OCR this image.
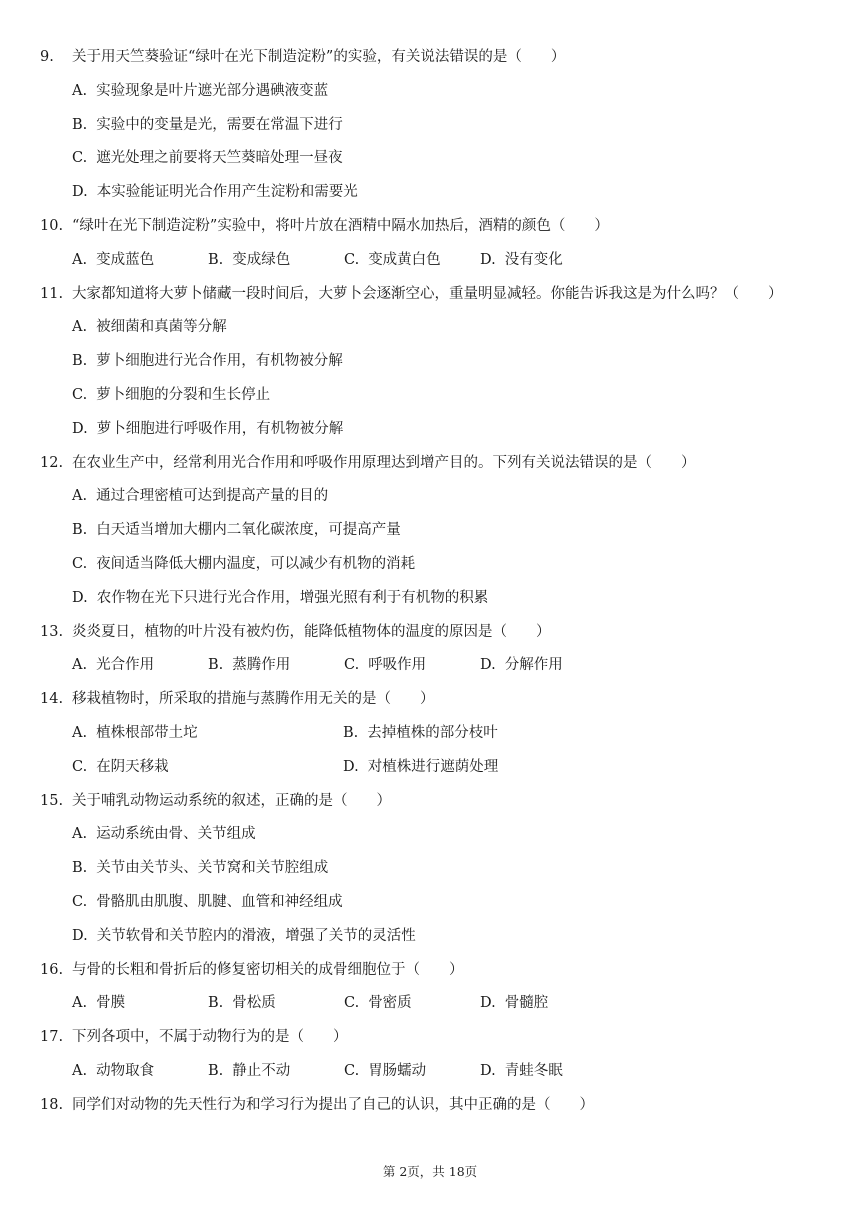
9.	关于用天竺葵验证“绿叶在光下制造淀粉”的实验，有关说法错误的是（　　）
A. 实验现象是叶片遮光部分遇碘液变蓝
B. 实验中的变量是光，需要在常温下进行
C. 遮光处理之前要将天竺葵暗处理一昼夜
D. 本实验能证明光合作用产生淀粉和需要光
10. “绿叶在光下制造淀粉”实验中，将叶片放在酒精中隔水加热后，酒精的颜色（　　）
A. 变成蓝色	B. 变成绿色	C. 变成黄白色	D. 没有变化
11. 大家都知道将大萝卜储藏一段时间后，大萝卜会逐渐空心，重量明显减轻。你能告诉我这是为什么吗？（　　）
A. 被细菌和真菌等分解
B. 萝卜细胞进行光合作用，有机物被分解
C. 萝卜细胞的分裂和生长停止
D. 萝卜细胞进行呼吸作用，有机物被分解
12. 在农业生产中，经常利用光合作用和呼吸作用原理达到增产目的。下列有关说法错误的是（　　）
A. 通过合理密植可达到提高产量的目的
B. 白天适当增加大棚内二氧化碳浓度，可提高产量
C. 夜间适当降低大棚内温度，可以减少有机物的消耗
D. 农作物在光下只进行光合作用，增强光照有利于有机物的积累
13. 炎炎夏日，植物的叶片没有被灼伤，能降低植物体的温度的原因是（　　）
A. 光合作用	B. 蒸腾作用	C. 呼吸作用	D. 分解作用
14. 移栽植物时，所采取的措施与蒸腾作用无关的是（　　）
A. 植株根部带土坨	B. 去掉植株的部分枝叶
C. 在阴天移栽	D. 对植株进行遮荫处理
15. 关于哺乳动物运动系统的叙述，正确的是（　　）
A. 运动系统由骨、关节组成
B. 关节由关节头、关节窝和关节腔组成
C. 骨骼肌由肌腹、肌腱、血管和神经组成
D. 关节软骨和关节腔内的滑液，增强了关节的灵活性
16. 与骨的长粗和骨折后的修复密切相关的成骨细胞位于（　　）
A. 骨膜	B. 骨松质	C. 骨密质	D. 骨髓腔
17. 下列各项中，不属于动物行为的是（　　）
A. 动物取食	B. 静止不动	C. 胃肠蠕动	D. 青蛙冬眠
18. 同学们对动物的先天性行为和学习行为提出了自己的认识，其中正确的是（　　）
第 2页，共 18页
